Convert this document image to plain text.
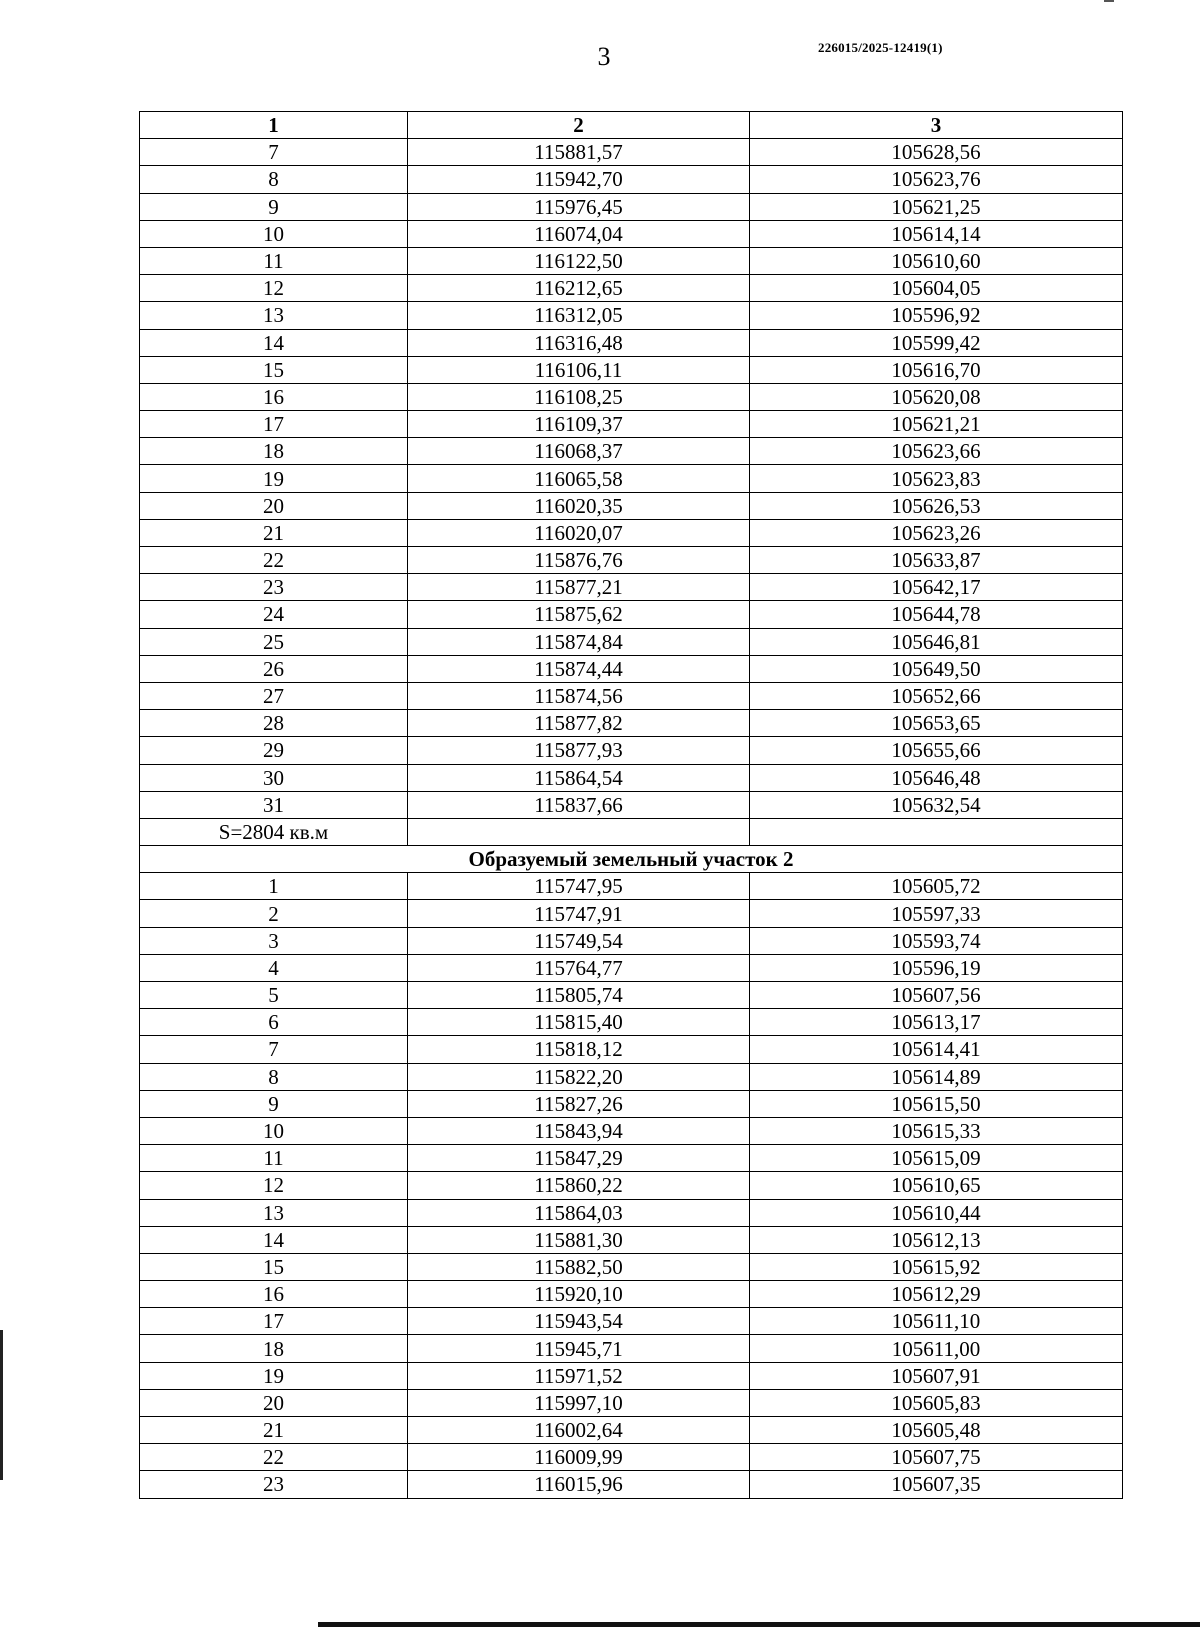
3	226015/2025-12419(1)
1	2	3
7	115881,57	105628,56
8	115942,70	105623,76
9	115976,45	105621,25
10	116074,04	105614,14
11	116122,50	105610,60
12	116212,65	105604,05
13	116312,05	105596,92
14	116316,48	105599,42
15	116106,11	105616,70
16	116108,25	105620,08
17	116109,37	105621,21
18	116068,37	105623,66
19	116065,58	105623,83
20	116020,35	105626,53
21	116020,07	105623,26
22	115876,76	105633,87
23	115877,21	105642,17
24	115875,62	105644,78
25	115874,84	105646,81
26	115874,44	105649,50
27	115874,56	105652,66
28	115877,82	105653,65
29	115877,93	105655,66
30	115864,54	105646,48
31	115837,66	105632,54
S=2804 кв.м		
Образуемый земельный участок 2		
1	115747,95	105605,72
2	115747,91	105597,33
3	115749,54	105593,74
4	115764,77	105596,19
5	115805,74	105607,56
6	115815,40	105613,17
7	115818,12	105614,41
8	115822,20	105614,89
9	115827,26	105615,50
10	115843,94	105615,33
11	115847,29	105615,09
12	115860,22	105610,65
13	115864,03	105610,44
14	115881,30	105612,13
15	115882,50	105615,92
16	115920,10	105612,29
17	115943,54	105611,10
18	115945,71	105611,00
19	115971,52	105607,91
20	115997,10	105605,83
21	116002,64	105605,48
22	116009,99	105607,75
23	116015,96	105607,35
